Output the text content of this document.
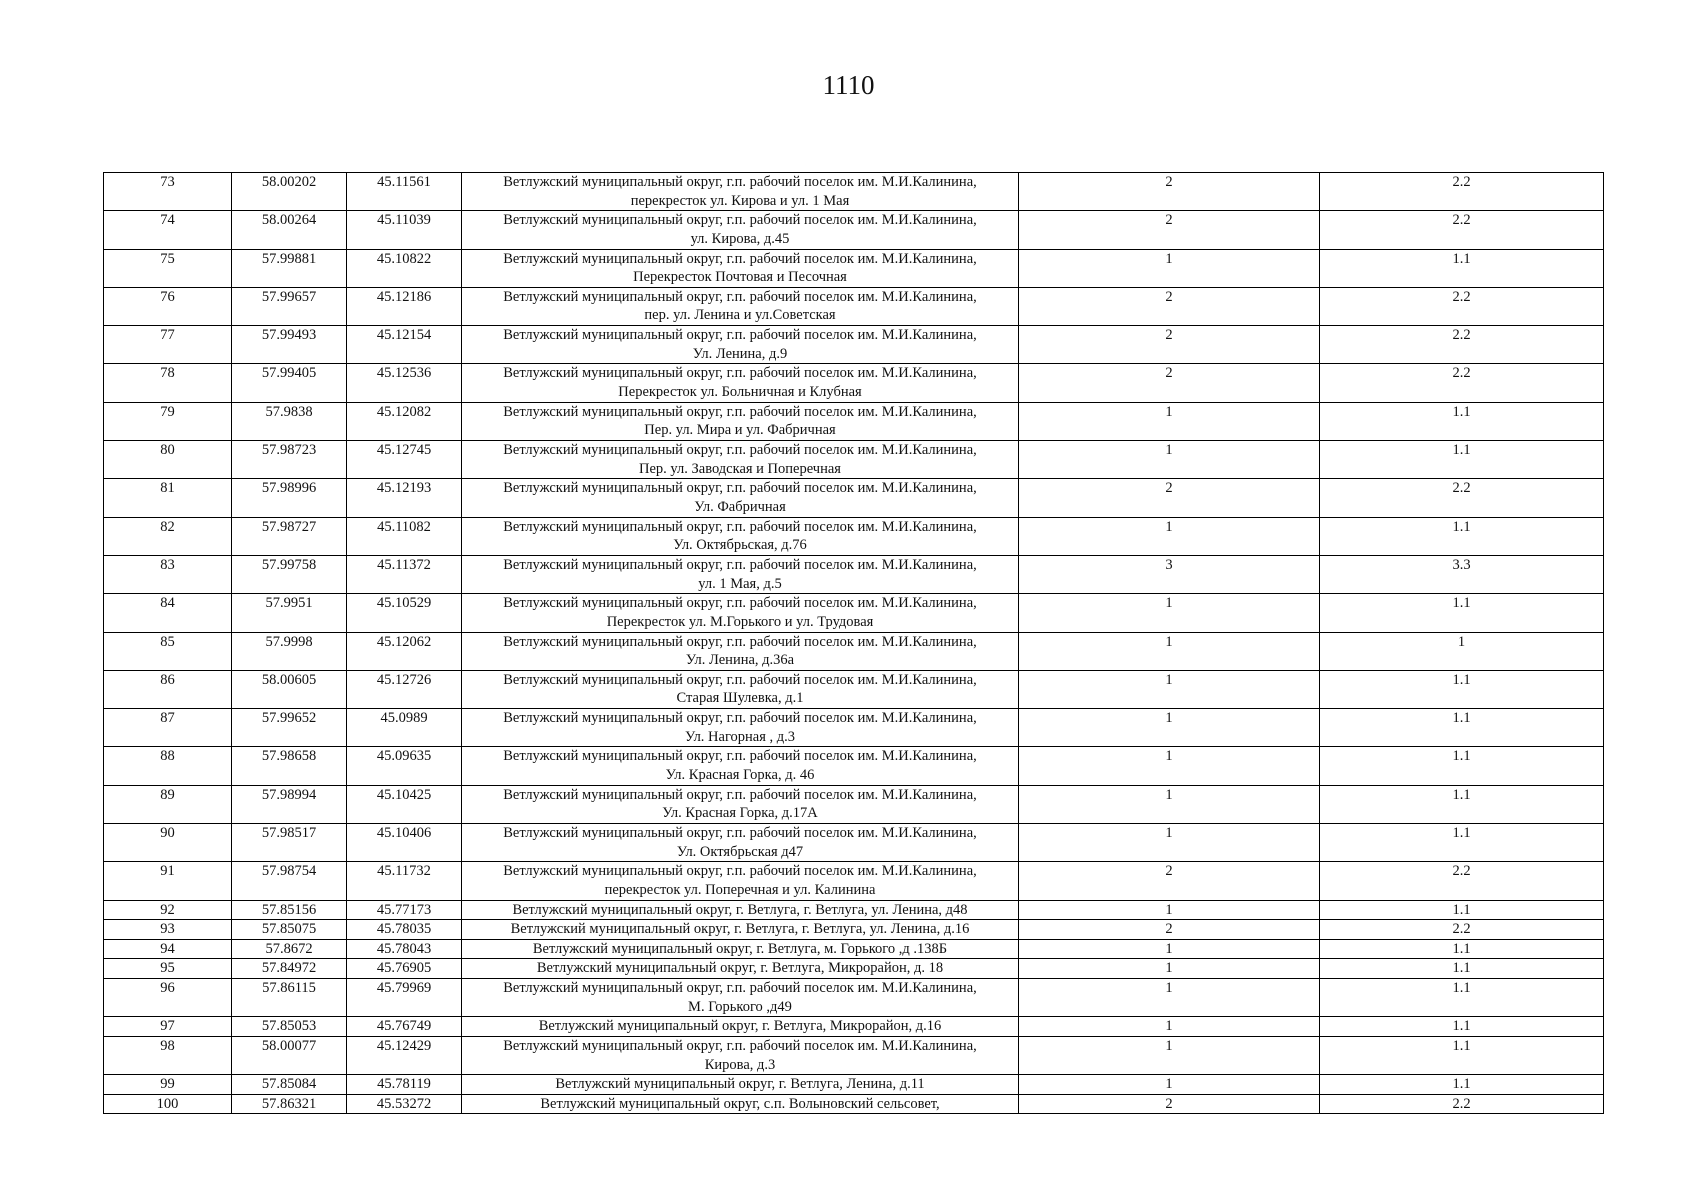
1110
73	58.00202	45.11561	Ветлужский муниципальный округ, г.п. рабочий поселок им. М.И.Калинина,
перекресток ул. Кирова и ул. 1 Мая	2	2.2
74	58.00264	45.11039	Ветлужский муниципальный округ, г.п. рабочий поселок им. М.И.Калинина,
ул. Кирова, д.45	2	2.2
75	57.99881	45.10822	Ветлужский муниципальный округ, г.п. рабочий поселок им. М.И.Калинина,
Перекресток Почтовая и Песочная	1	1.1
76	57.99657	45.12186	Ветлужский муниципальный округ, г.п. рабочий поселок им. М.И.Калинина,
пер. ул. Ленина и ул.Советская	2	2.2
77	57.99493	45.12154	Ветлужский муниципальный округ, г.п. рабочий поселок им. М.И.Калинина,
Ул. Ленина, д.9	2	2.2
78	57.99405	45.12536	Ветлужский муниципальный округ, г.п. рабочий поселок им. М.И.Калинина,
Перекресток ул. Больничная и Клубная	2	2.2
79	57.9838	45.12082	Ветлужский муниципальный округ, г.п. рабочий поселок им. М.И.Калинина,
Пер. ул. Мира и ул. Фабричная	1	1.1
80	57.98723	45.12745	Ветлужский муниципальный округ, г.п. рабочий поселок им. М.И.Калинина,
Пер. ул. Заводская и Поперечная	1	1.1
81	57.98996	45.12193	Ветлужский муниципальный округ, г.п. рабочий поселок им. М.И.Калинина,
Ул. Фабричная	2	2.2
82	57.98727	45.11082	Ветлужский муниципальный округ, г.п. рабочий поселок им. М.И.Калинина,
Ул. Октябрьская, д.76	1	1.1
83	57.99758	45.11372	Ветлужский муниципальный округ, г.п. рабочий поселок им. М.И.Калинина,
ул. 1 Мая, д.5	3	3.3
84	57.9951	45.10529	Ветлужский муниципальный округ, г.п. рабочий поселок им. М.И.Калинина,
Перекресток ул. М.Горького и ул. Трудовая	1	1.1
85	57.9998	45.12062	Ветлужский муниципальный округ, г.п. рабочий поселок им. М.И.Калинина,
Ул. Ленина, д.36а	1	1
86	58.00605	45.12726	Ветлужский муниципальный округ, г.п. рабочий поселок им. М.И.Калинина,
Старая Шулевка, д.1	1	1.1
87	57.99652	45.0989	Ветлужский муниципальный округ, г.п. рабочий поселок им. М.И.Калинина,
Ул. Нагорная , д.3	1	1.1
88	57.98658	45.09635	Ветлужский муниципальный округ, г.п. рабочий поселок им. М.И.Калинина,
Ул. Красная Горка, д. 46	1	1.1
89	57.98994	45.10425	Ветлужский муниципальный округ, г.п. рабочий поселок им. М.И.Калинина,
Ул. Красная Горка, д.17А	1	1.1
90	57.98517	45.10406	Ветлужский муниципальный округ, г.п. рабочий поселок им. М.И.Калинина,
Ул. Октябрьская д47	1	1.1
91	57.98754	45.11732	Ветлужский муниципальный округ, г.п. рабочий поселок им. М.И.Калинина,
перекресток ул. Поперечная и ул. Калинина	2	2.2
92	57.85156	45.77173	Ветлужский муниципальный округ, г. Ветлуга, г. Ветлуга, ул. Ленина, д48	1	1.1
93	57.85075	45.78035	Ветлужский муниципальный округ, г. Ветлуга, г. Ветлуга, ул. Ленина, д.16	2	2.2
94	57.8672	45.78043	Ветлужский муниципальный округ, г. Ветлуга, м. Горького ,д .138Б	1	1.1
95	57.84972	45.76905	Ветлужский муниципальный округ, г. Ветлуга, Микрорайон, д. 18	1	1.1
96	57.86115	45.79969	Ветлужский муниципальный округ, г.п. рабочий поселок им. М.И.Калинина,
М. Горького ,д49	1	1.1
97	57.85053	45.76749	Ветлужский муниципальный округ, г. Ветлуга, Микрорайон, д.16	1	1.1
98	58.00077	45.12429	Ветлужский муниципальный округ, г.п. рабочий поселок им. М.И.Калинина,
Кирова, д.3	1	1.1
99	57.85084	45.78119	Ветлужский муниципальный округ, г. Ветлуга, Ленина, д.11	1	1.1
100	57.86321	45.53272	Ветлужский муниципальный округ, с.п. Волыновский сельсовет,	2	2.2
